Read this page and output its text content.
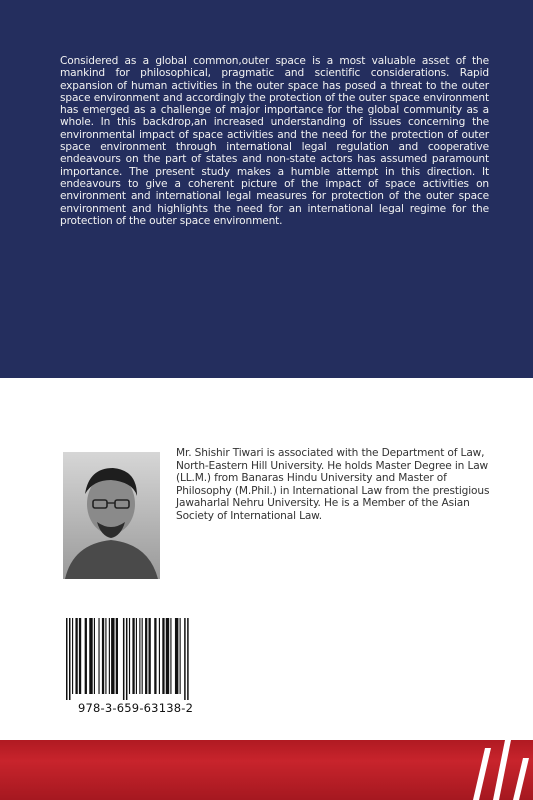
Considered as a global common,outer space is a most valuable asset of the mankind for philosophical, pragmatic and scientific considerations. Rapid expansion of human activities in the outer space has posed a threat to the outer space environment and accordingly the protection of the outer space environment has emerged as a challenge of major importance for the global community as a whole. In this backdrop,an increased understanding of issues concerning the environmental impact of space activities and the need for the protection of outer space environment through international legal regulation and cooperative endeavours on the part of states and non-state actors has assumed paramount importance. The present study makes a humble attempt in this direction. It endeavours to give a coherent picture of the impact of space activities on environment and international legal measures for protection of the outer space environment and highlights the need for an international legal regime for the protection of the outer space environment.

Mr. Shishir Tiwari is associated with the Department of Law, North-Eastern Hill University. He holds Master Degree in Law (LL.M.) from Banaras Hindu University and Master of Philosophy (M.Phil.) in International Law from the prestigious Jawaharlal Nehru University. He is a Member of the Asian Society of International Law.

978-3-659-63138-2
